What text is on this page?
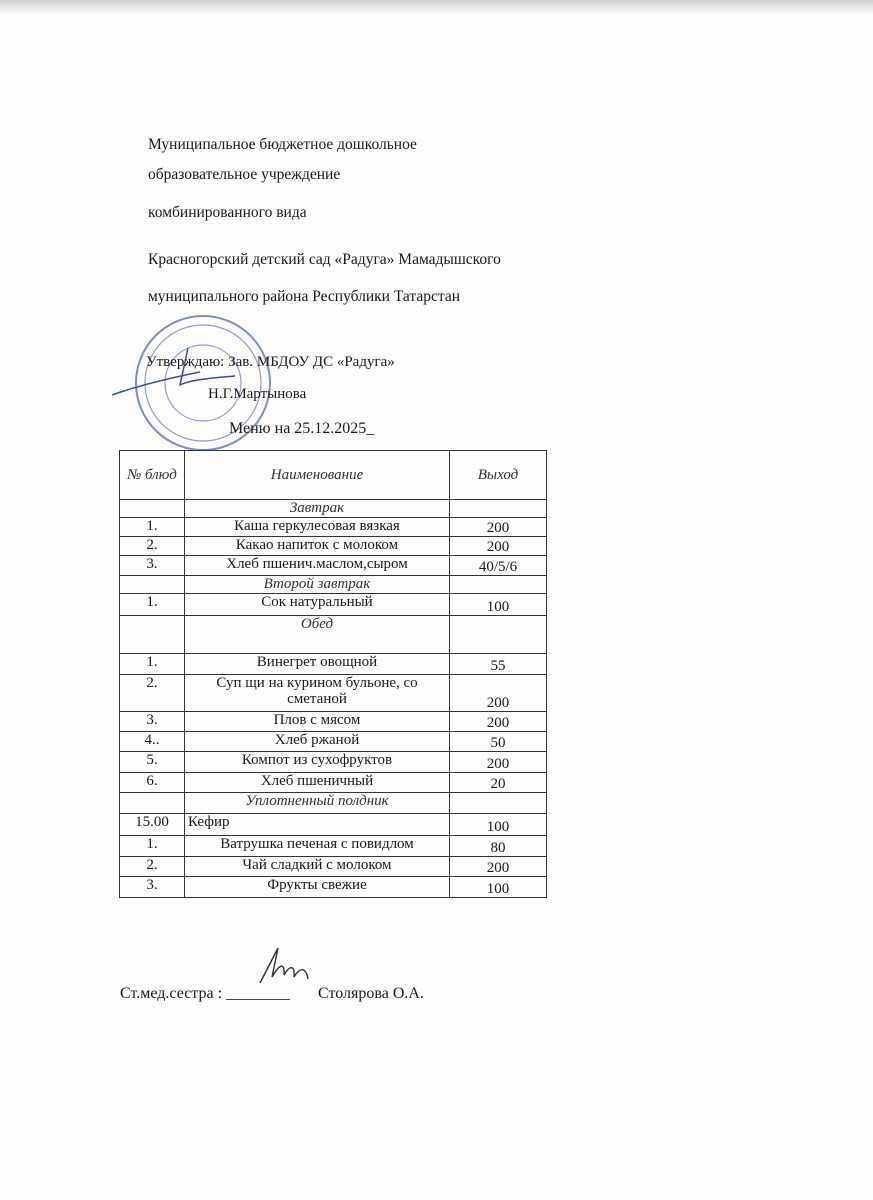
Муниципальное бюджетное дошкольное
образовательное учреждение
комбинированного вида
Красногорский детский сад «Радуга» Мамадышского
муниципального района Республики Татарстан
Утверждаю: Зав. МБДОУ ДС «Радуга»
Н.Г.Мартынова
Меню на 25.12.2025_
№ блюд	Наименование	Выход
	Завтрак	
1.	Каша геркулесовая вязкая	200
2.	Какао напиток с молоком	200
3.	Хлеб пшенич.маслом,сыром	40/5/6
	Второй завтрак	
1.	Сок натуральный	100
	Обед	
1.	Винегрет овощной	55
2.	Суп щи на курином бульоне, со сметаной	200
3.	Плов с мясом	200
4..	Хлеб ржаной	50
5.	Компот из сухофруктов	200
6.	Хлеб пшеничный	20
	Уплотненный полдник	
15.00	Кефир	100
1.	Ватрушка печеная с повидлом	80
2.	Чай сладкий с молоком	200
3.	Фрукты свежие	100
Ст.мед.сестра : ________ Столярова О.А.
